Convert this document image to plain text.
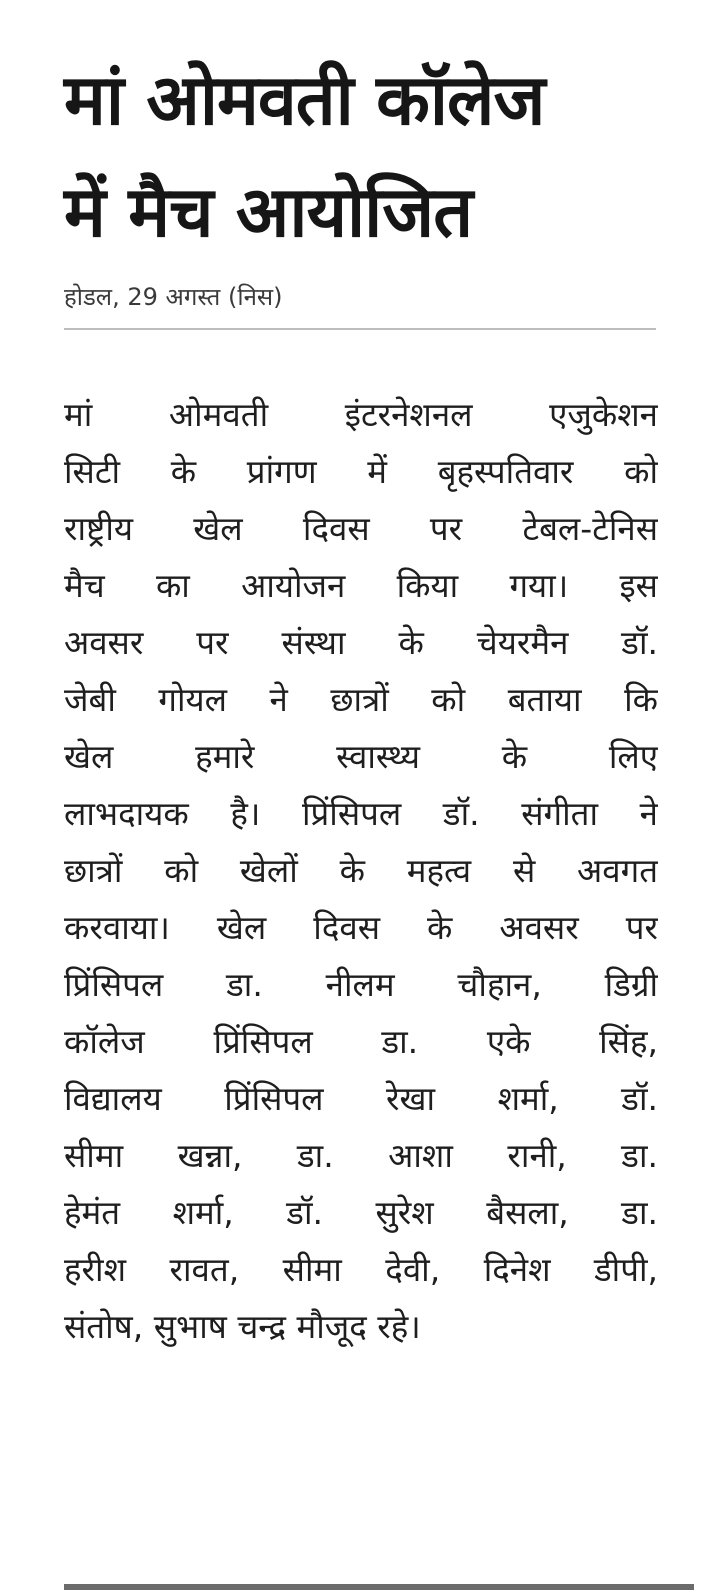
मां ओमवती कॉलेज
में मैच आयोजित
होडल, 29 अगस्त (निस)
मां ओमवती इंटरनेशनल एजुकेशन
सिटी के प्रांगण में बृहस्पतिवार को
राष्ट्रीय खेल दिवस पर टेबल-टेनिस
मैच का आयोजन किया गया। इस
अवसर पर संस्था के चेयरमैन डॉ.
जेबी गोयल ने छात्रों को बताया कि
खेल हमारे स्वास्थ्य के लिए
लाभदायक है। प्रिंसिपल डॉ. संगीता ने
छात्रों को खेलों के महत्व से अवगत
करवाया। खेल दिवस के अवसर पर
प्रिंसिपल डा. नीलम चौहान, डिग्री
कॉलेज प्रिंसिपल डा. एके सिंह,
विद्यालय प्रिंसिपल रेखा शर्मा, डॉ.
सीमा खन्ना, डा. आशा रानी, डा.
हेमंत शर्मा, डॉ. सुरेश बैसला, डा.
हरीश रावत, सीमा देवी, दिनेश डीपी,
संतोष, सुभाष चन्द्र मौजूद रहे।
